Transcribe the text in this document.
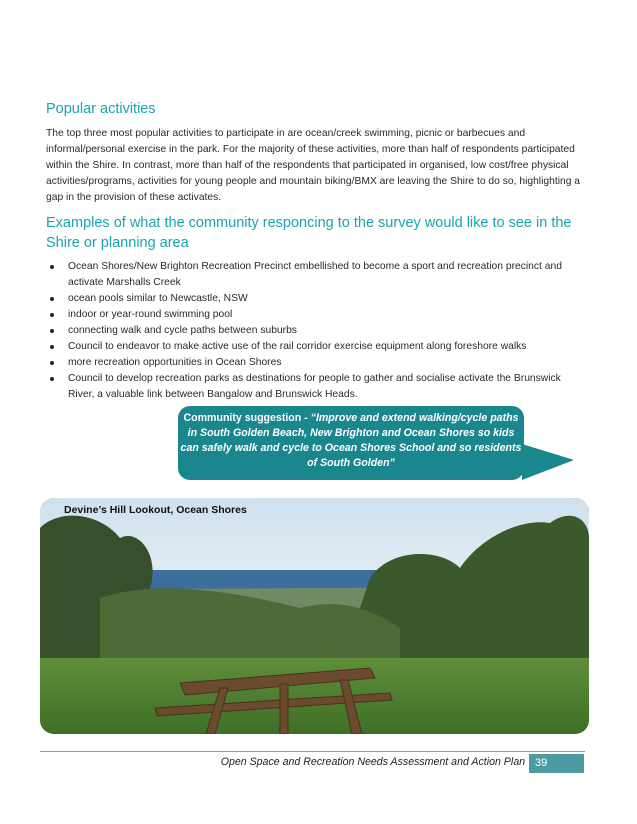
Popular activities

The top three most popular activities to participate in are ocean/creek swimming, picnic or barbecues and informal/personal exercise in the park. For the majority of these activities, more than half of respondents participated within the Shire. In contrast, more than half of the respondents that participated in organised, low cost/free physical activities/programs, activities for young people and mountain biking/BMX are leaving the Shire to do so, highlighting a gap in the provision of these activates.

Examples of what the community responcing to the survey would like to see in the Shire or planning area
Ocean Shores/New Brighton Recreation Precinct embellished to become a sport and recreation precinct and activate Marshalls Creek
ocean pools similar to Newcastle, NSW
indoor or year-round swimming pool
connecting walk and cycle paths between suburbs
Council to endeavor to make active use of the rail corridor exercise equipment along foreshore walks
more recreation opportunities in Ocean Shores
Council to develop recreation parks as destinations for people to gather and socialise activate the Brunswick River, a valuable link between Bangalow and Brunswick Heads.
Community suggestion - “Improve and extend walking/cycle paths in South Golden Beach, New Brighton and Ocean Shores so kids can safely walk and cycle to Ocean Shores School and so residents of South Golden”
Devine’s Hill Lookout, Ocean Shores
Open Space and Recreation Needs Assessment and Action Plan 39
